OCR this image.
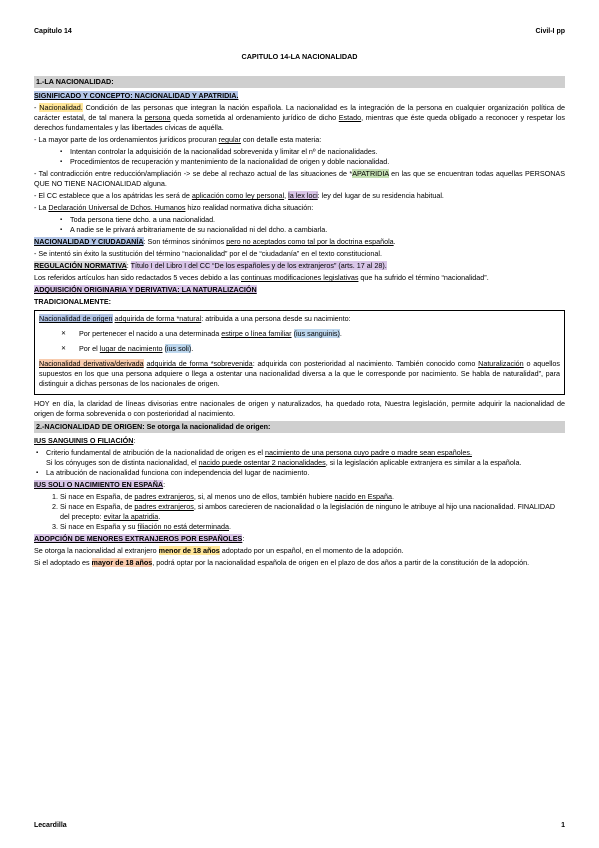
Capítulo 14	Civil-I pp
CAPITULO 14-LA NACIONALIDAD
1.-LA NACIONALIDAD:
SIGNIFICADO Y CONCEPTO: NACIONALIDAD Y APATRIDIA.

- Nacionalidad. Condición de las personas que integran la nación española. La nacionalidad es la integración de la persona en cualquier organización política de carácter estatal, de tal manera la persona queda sometida al ordenamiento jurídico de dicho Estado, mientras que éste queda obligado a reconocer y respetar los derechos fundamentales y las libertades cívicas de aquélla.

- La mayor parte de los ordenamientos jurídicos procuran regular con detalle esta materia:

▪ Intentan controlar la adquisición de la nacionalidad sobrevenida y limitar el nº de nacionalidades.
▪ Procedimientos de recuperación y mantenimiento de la nacionalidad de origen y doble nacionalidad.

- Tal contradicción entre reducción/ampliación -> se debe al rechazo actual de las situaciones de *APATRIDIA en las que se encuentran todas aquellas PERSONAS QUE NO TIENE NACIONALIDAD alguna.

- El CC establece que a los apátridas les será de aplicación como ley personal, la lex loci: ley del lugar de su residencia habitual.

- La Declaración Universal de Dchos. Humanos hizo realidad normativa dicha situación:

▪ Toda persona tiene dcho. a una nacionalidad.
▪ A nadie se le privará arbitrariamente de su nacionalidad ni del dcho. a cambiarla.

NACIONALIDAD Y CIUDADANÍA: Son términos sinónimos pero no aceptados como tal por la doctrina española.

- Se intentó sin éxito la sustitución del término “nacionalidad” por el de “ciudadanía” en el texto constitucional.

REGULACIÓN NORMATIVA: Título I del Libro I del CC “De los españoles y de los extranjeros” (arts. 17 al 28).

Los referidos artículos han sido redactados 5 veces debido a las continuas modificaciones legislativas que ha sufrido el término “nacionalidad”.

ADQUISICIÓN ORIGINARIA Y DERIVATIVA: LA NATURALIZACIÓN
TRADICIONALMENTE:

Nacionalidad de origen adquirida de forma *natural: atribuida a una persona desde su nacimiento:

✕ Por pertenecer el nacido a una determinada estirpe o línea familiar (ius sanguinis).
✕ Por el lugar de nacimiento (ius soli).

Nacionalidad derivativa/derivada adquirida de forma *sobrevenida: adquirida con posterioridad al nacimiento. También conocido como Naturalización o aquellos supuestos en los que una persona adquiere o llega a ostentar una nacionalidad diversa a la que le corresponde por nacimiento. Se habla de naturalidad”, para distinguir a dichas personas de los nacionales de origen.

HOY en día, la claridad de líneas divisorias entre nacionales de origen y naturalizados, ha quedado rota, Nuestra legislación, permite adquirir la nacionalidad de origen de forma sobrevenida o con posterioridad al nacimiento.

2.-NACIONALIDAD DE ORIGEN: Se otorga la nacionalidad de origen:
IUS SANGUINIS O FILIACIÓN:
▪ Criterio fundamental de atribución de la nacionalidad de origen es el nacimiento de una persona cuyo padre o madre sean españoles.
Si los cónyuges son de distinta nacionalidad, el nacido puede ostentar 2 nacionalidades, si la legislación aplicable extranjera es similar a la española.
▪ La atribución de nacionalidad funciona con independencia del lugar de nacimiento.
IUS SOLI O NACIMIENTO EN ESPAÑA:
1. Si nace en España, de padres extranjeros, si, al menos uno de ellos, también hubiere nacido en España.
2. Si nace en España, de padres extranjeros, si ambos carecieren de nacionalidad o la legislación de ninguno le atribuye al hijo una nacionalidad. FINALIDAD del precepto: evitar la apatridia.
3. Si nace en España y su filiación no está determinada.
ADOPCIÓN DE MENORES EXTRANJEROS POR ESPAÑOLES:

Se otorga la nacionalidad al extranjero menor de 18 años adoptado por un español, en el momento de la adopción.

Si el adoptado es mayor de 18 años, podrá optar por la nacionalidad española de origen en el plazo de dos años a partir de la constitución de la adopción.

Lecardilla	1
